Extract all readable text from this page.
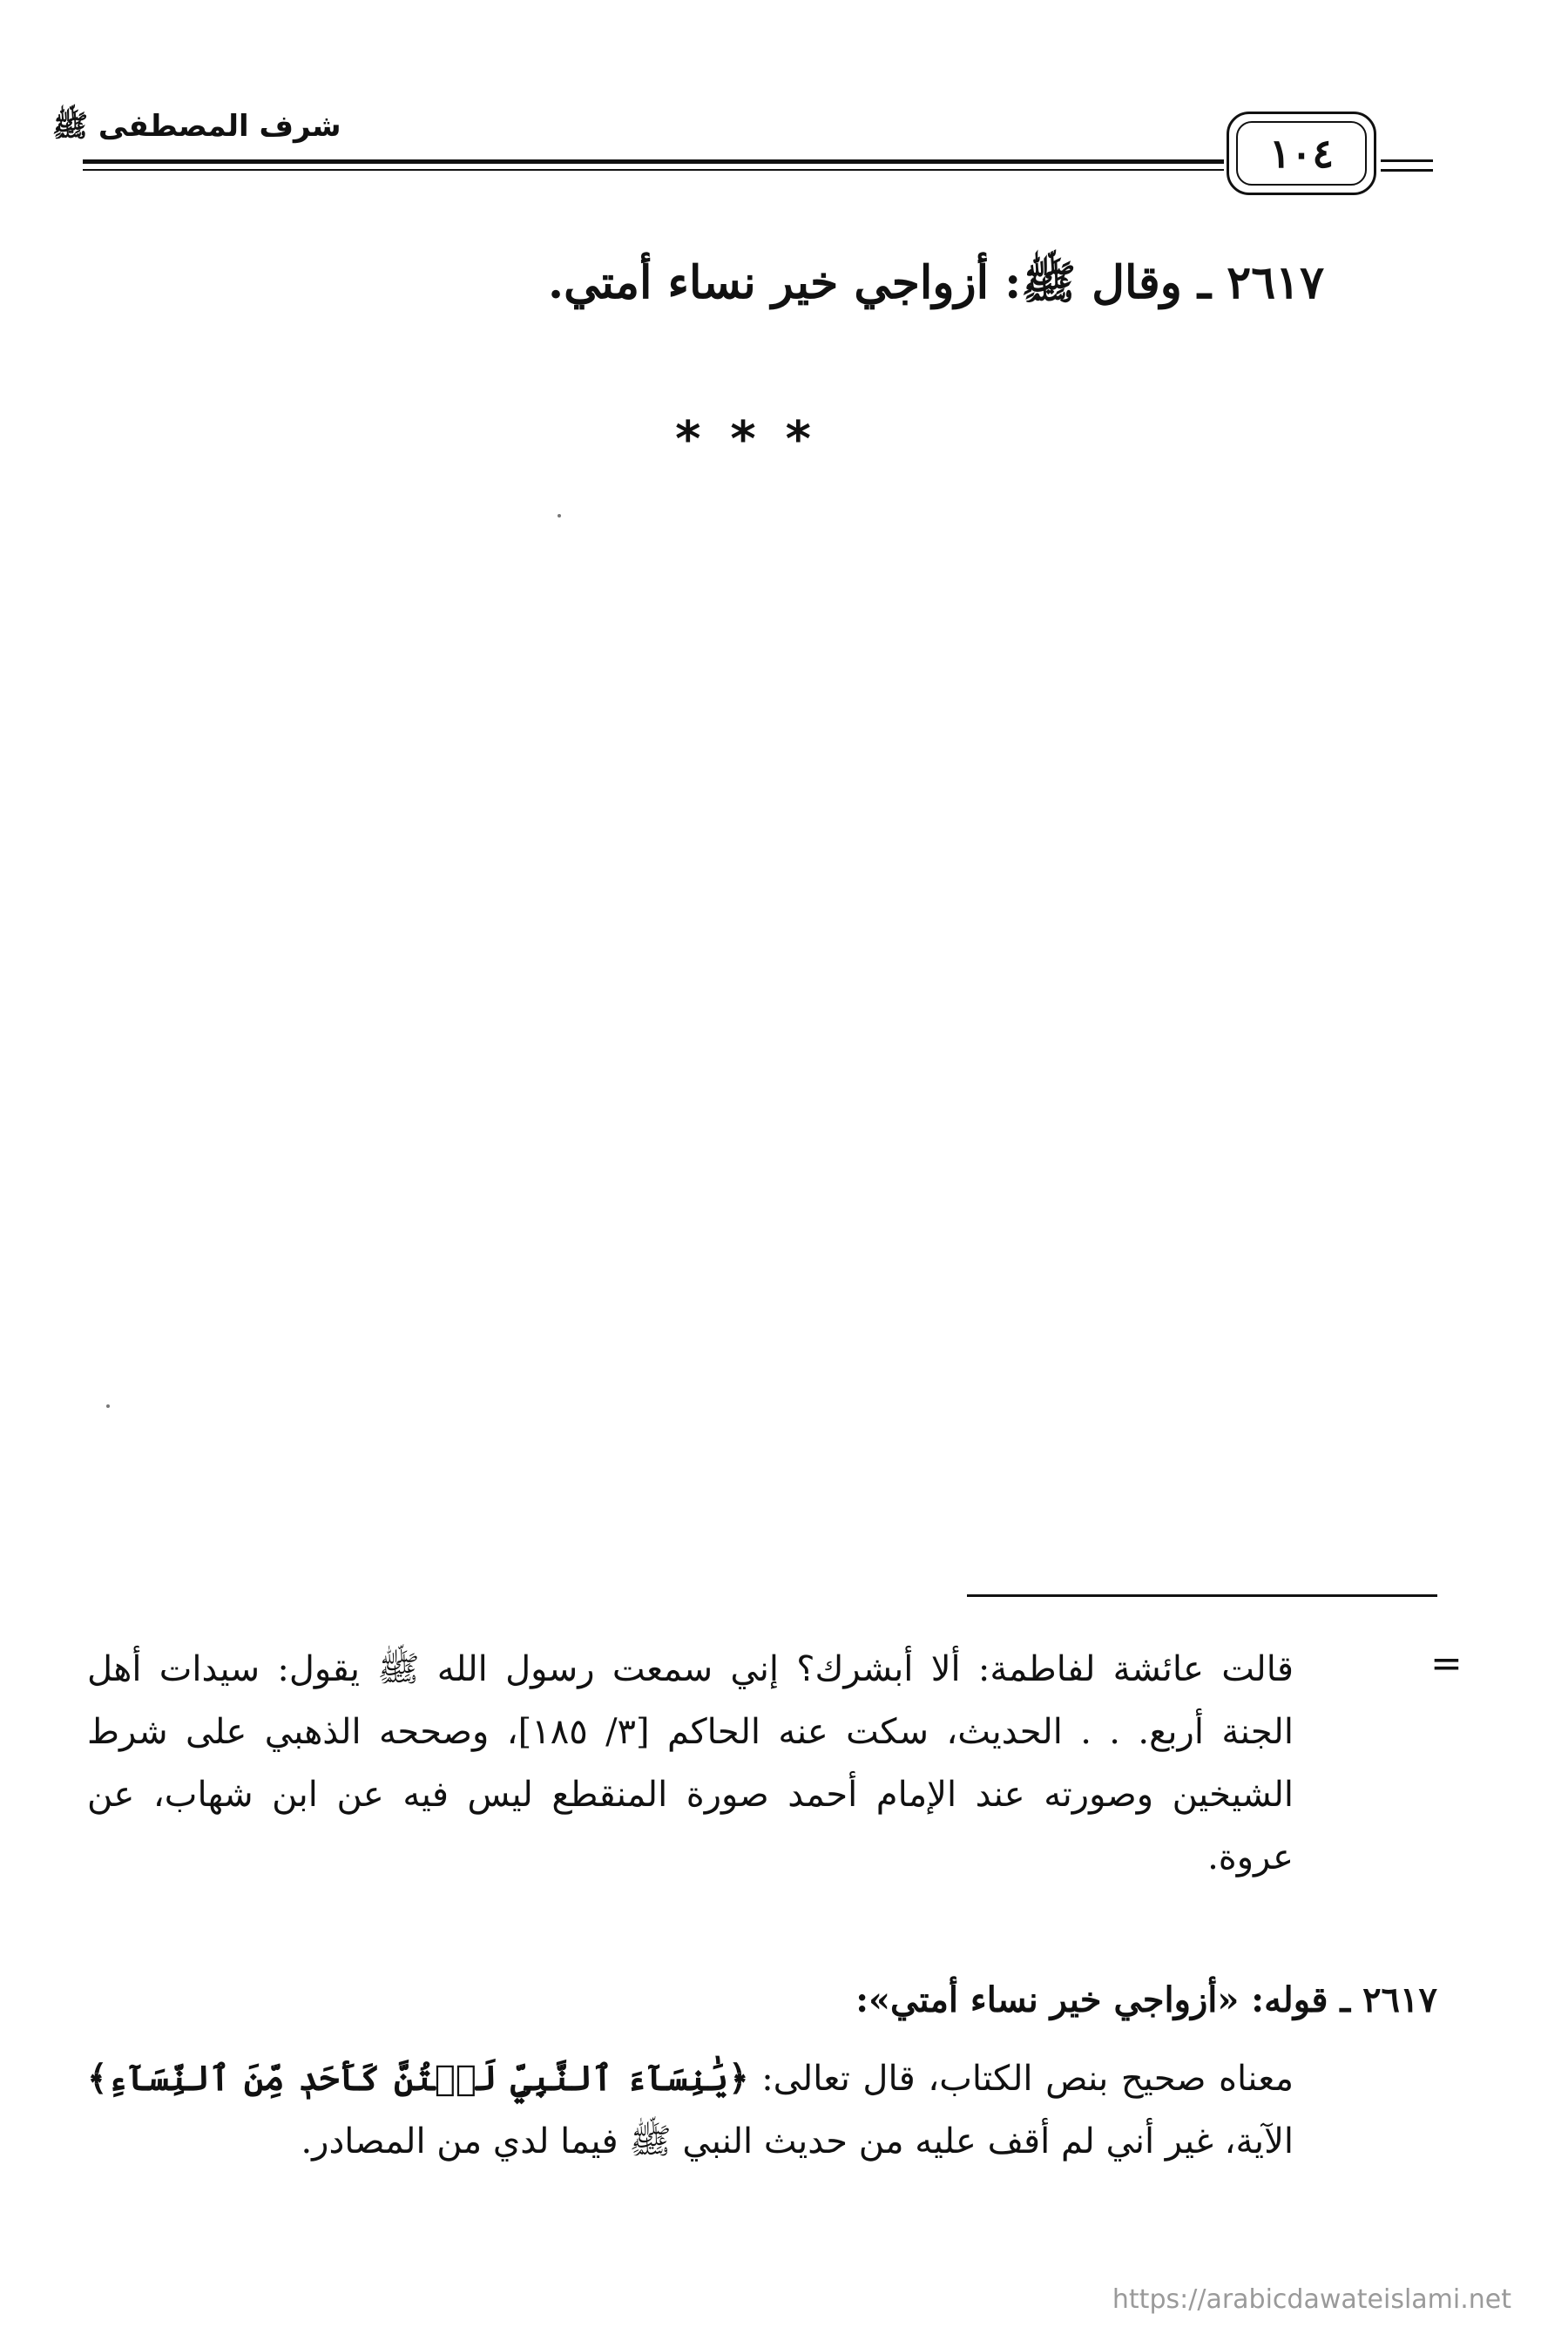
شرف المصطفى ﷺ
١٠٤
٢٦١٧ ـ وقال ﷺ: أزواجي خير نساء أمتي.
***
=
قالت عائشة لفاطمة: ألا أبشرك؟ إني سمعت رسول الله ﷺ يقول: سيدات أهل الجنة أربع. . . الحديث، سكت عنه الحاكم [٣/ ١٨٥]، وصححه الذهبي على شرط الشيخين وصورته عند الإمام أحمد صورة المنقطع ليس فيه عن ابن شهاب، عن عروة.
٢٦١٧ ـ قوله: «أزواجي خير نساء أمتي»:
معناه صحيح بنص الكتاب، قال تعالى: ﴿يَٰنِسَآءَ ٱلنَّبِيِّ لَسۡتُنَّ كَأَحَدٖ مِّنَ ٱلنِّسَآءِ﴾ الآية، غير أني لم أقف عليه من حديث النبي ﷺ فيما لدي من المصادر.
https://arabicdawateislami.net
